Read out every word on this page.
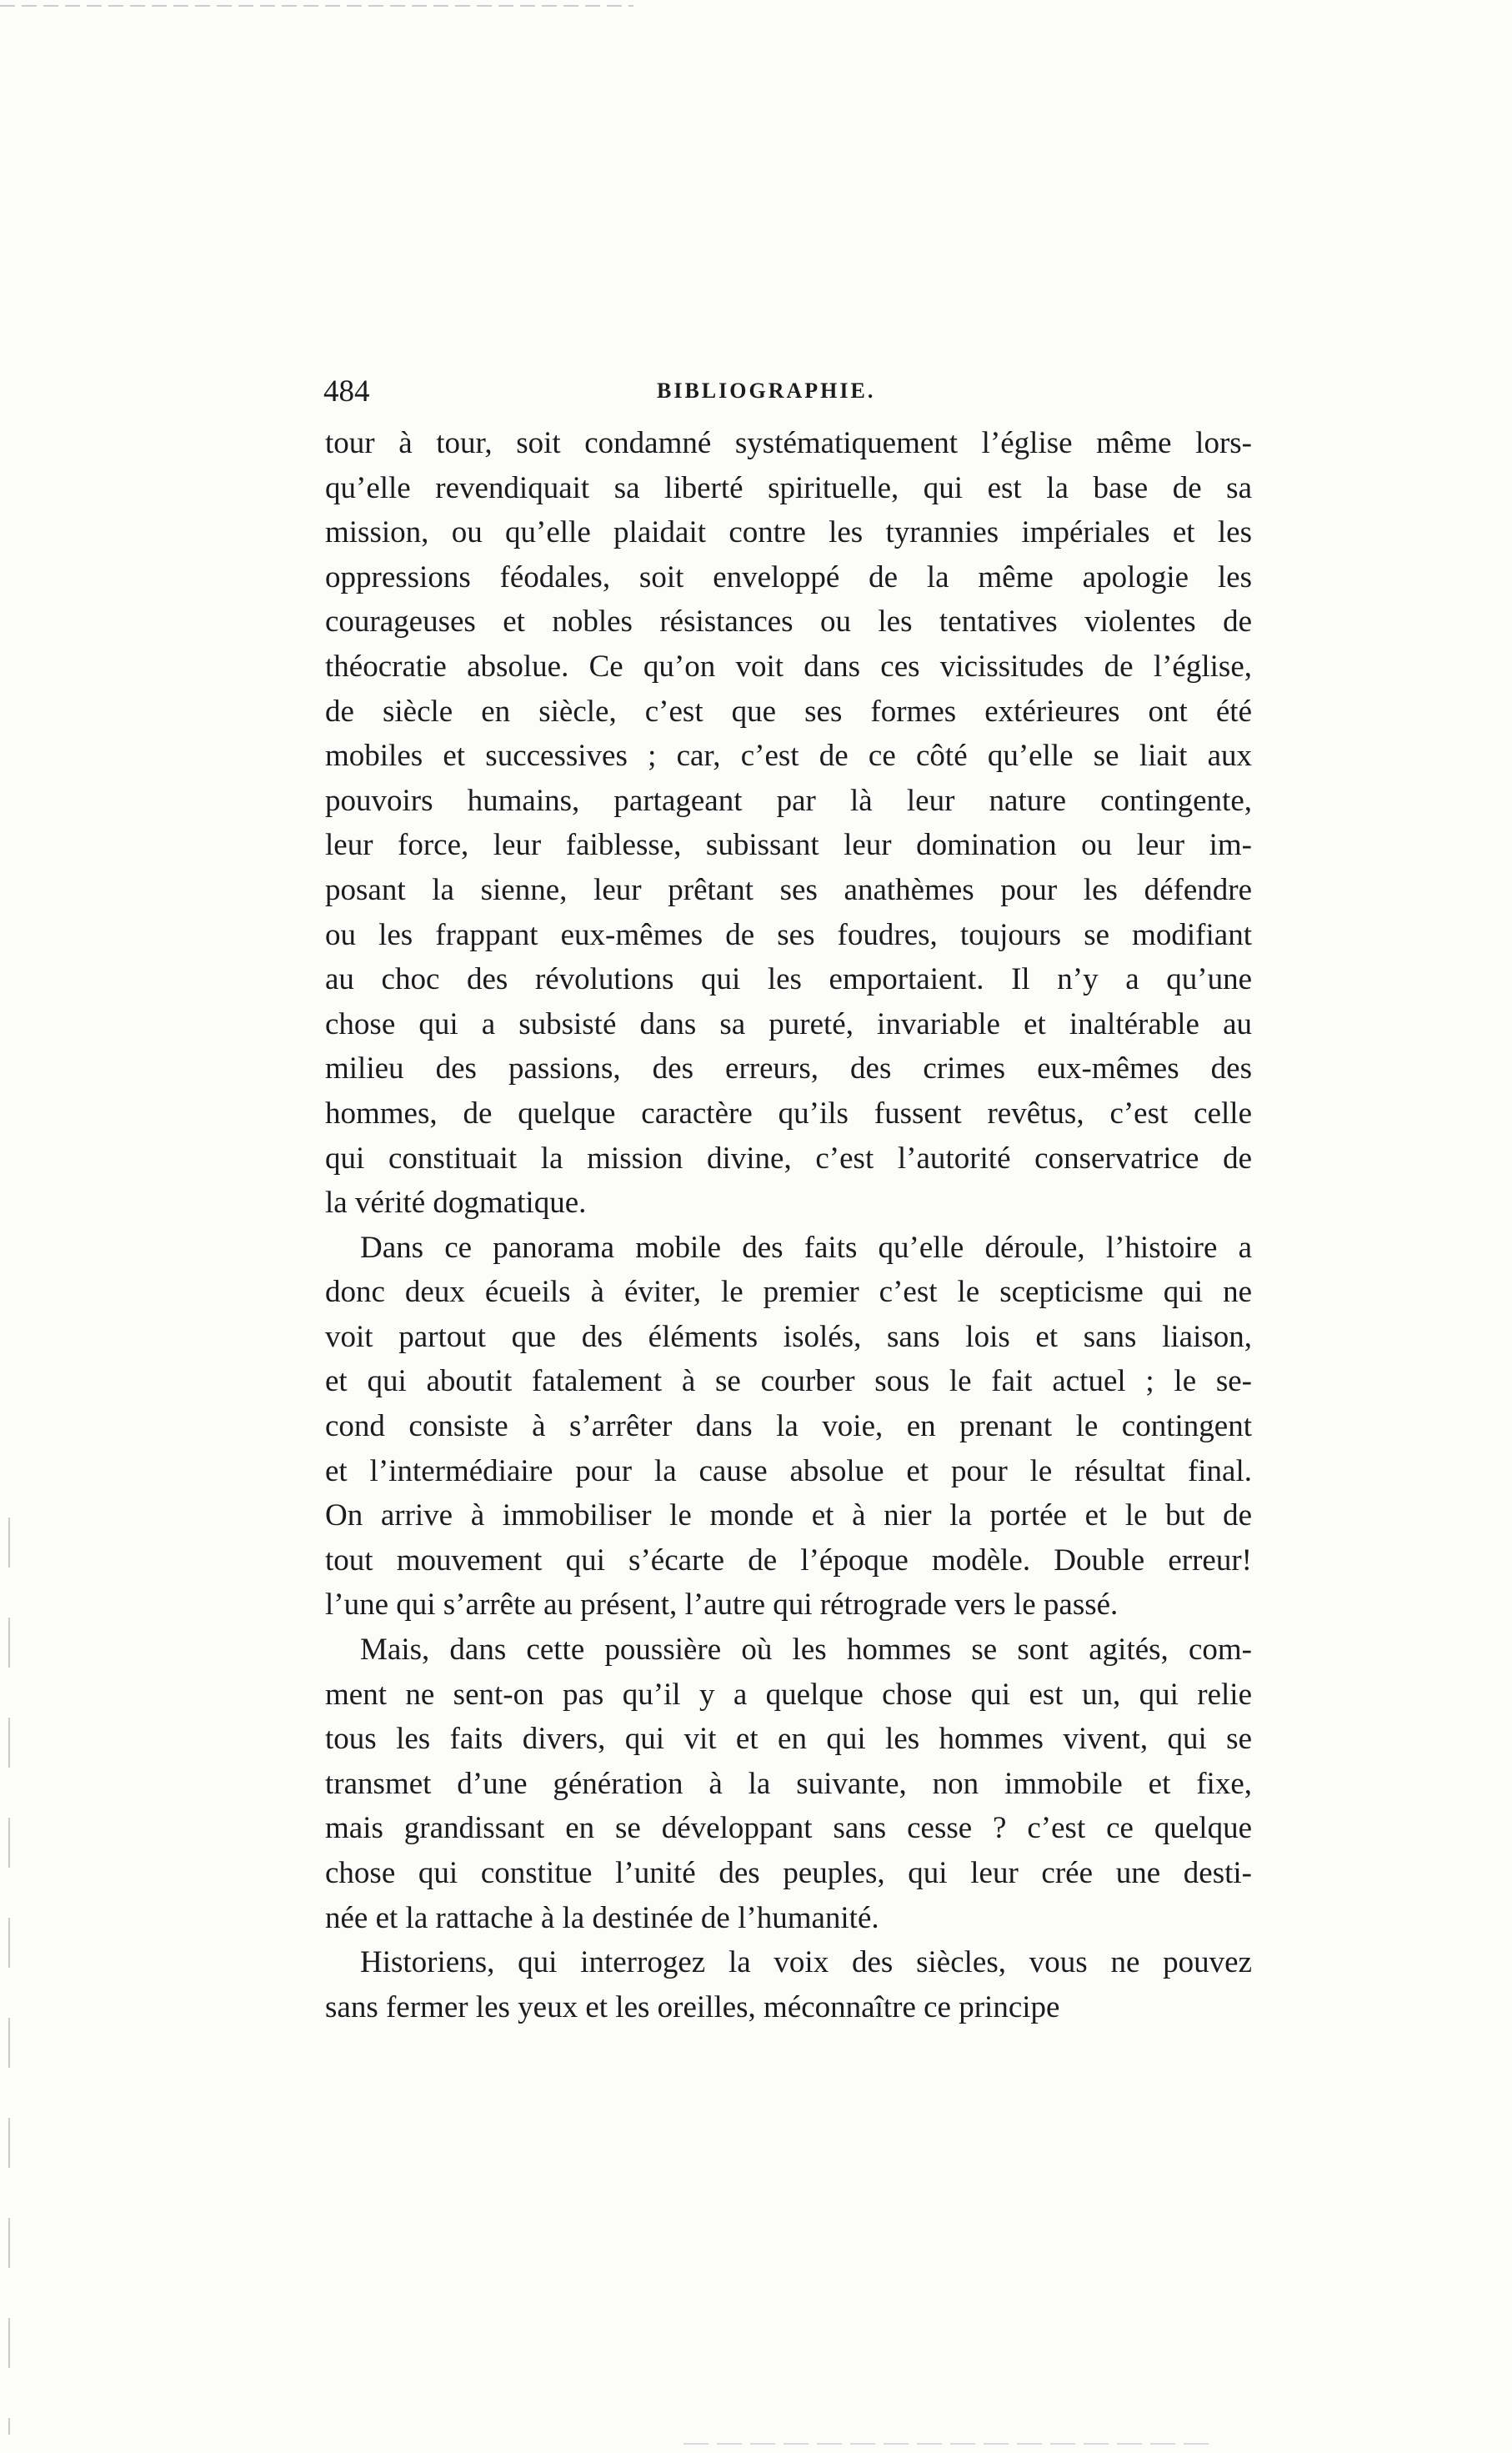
484	BIBLIOGRAPHIE.

tour à tour, soit condamné systématiquement l’église même lors-
qu’elle revendiquait sa liberté spirituelle, qui est la base de sa
mission, ou qu’elle plaidait contre les tyrannies impériales et les
oppressions féodales, soit enveloppé de la même apologie les
courageuses et nobles résistances ou les tentatives violentes de
théocratie absolue. Ce qu’on voit dans ces vicissitudes de l’église,
de siècle en siècle, c’est que ses formes extérieures ont été
mobiles et successives ; car, c’est de ce côté qu’elle se liait aux
pouvoirs humains, partageant par là leur nature contingente,
leur force, leur faiblesse, subissant leur domination ou leur im-
posant la sienne, leur prêtant ses anathèmes pour les défendre
ou les frappant eux-mêmes de ses foudres, toujours se modifiant
au choc des révolutions qui les emportaient. Il n’y a qu’une
chose qui a subsisté dans sa pureté, invariable et inaltérable au
milieu des passions, des erreurs, des crimes eux-mêmes des
hommes, de quelque caractère qu’ils fussent revêtus, c’est celle
qui constituait la mission divine, c’est l’autorité conservatrice de
la vérité dogmatique.

Dans ce panorama mobile des faits qu’elle déroule, l’histoire a
donc deux écueils à éviter, le premier c’est le scepticisme qui ne
voit partout que des éléments isolés, sans lois et sans liaison,
et qui aboutit fatalement à se courber sous le fait actuel ; le se-
cond consiste à s’arrêter dans la voie, en prenant le contingent
et l’intermédiaire pour la cause absolue et pour le résultat final.
On arrive à immobiliser le monde et à nier la portée et le but de
tout mouvement qui s’écarte de l’époque modèle. Double erreur!
l’une qui s’arrête au présent, l’autre qui rétrograde vers le passé.

Mais, dans cette poussière où les hommes se sont agités, com-
ment ne sent-on pas qu’il y a quelque chose qui est un, qui relie
tous les faits divers, qui vit et en qui les hommes vivent, qui se
transmet d’une génération à la suivante, non immobile et fixe,
mais grandissant en se développant sans cesse ? c’est ce quelque
chose qui constitue l’unité des peuples, qui leur crée une desti-
née et la rattache à la destinée de l’humanité.

Historiens, qui interrogez la voix des siècles, vous ne pouvez
sans fermer les yeux et les oreilles, méconnaître ce principe
